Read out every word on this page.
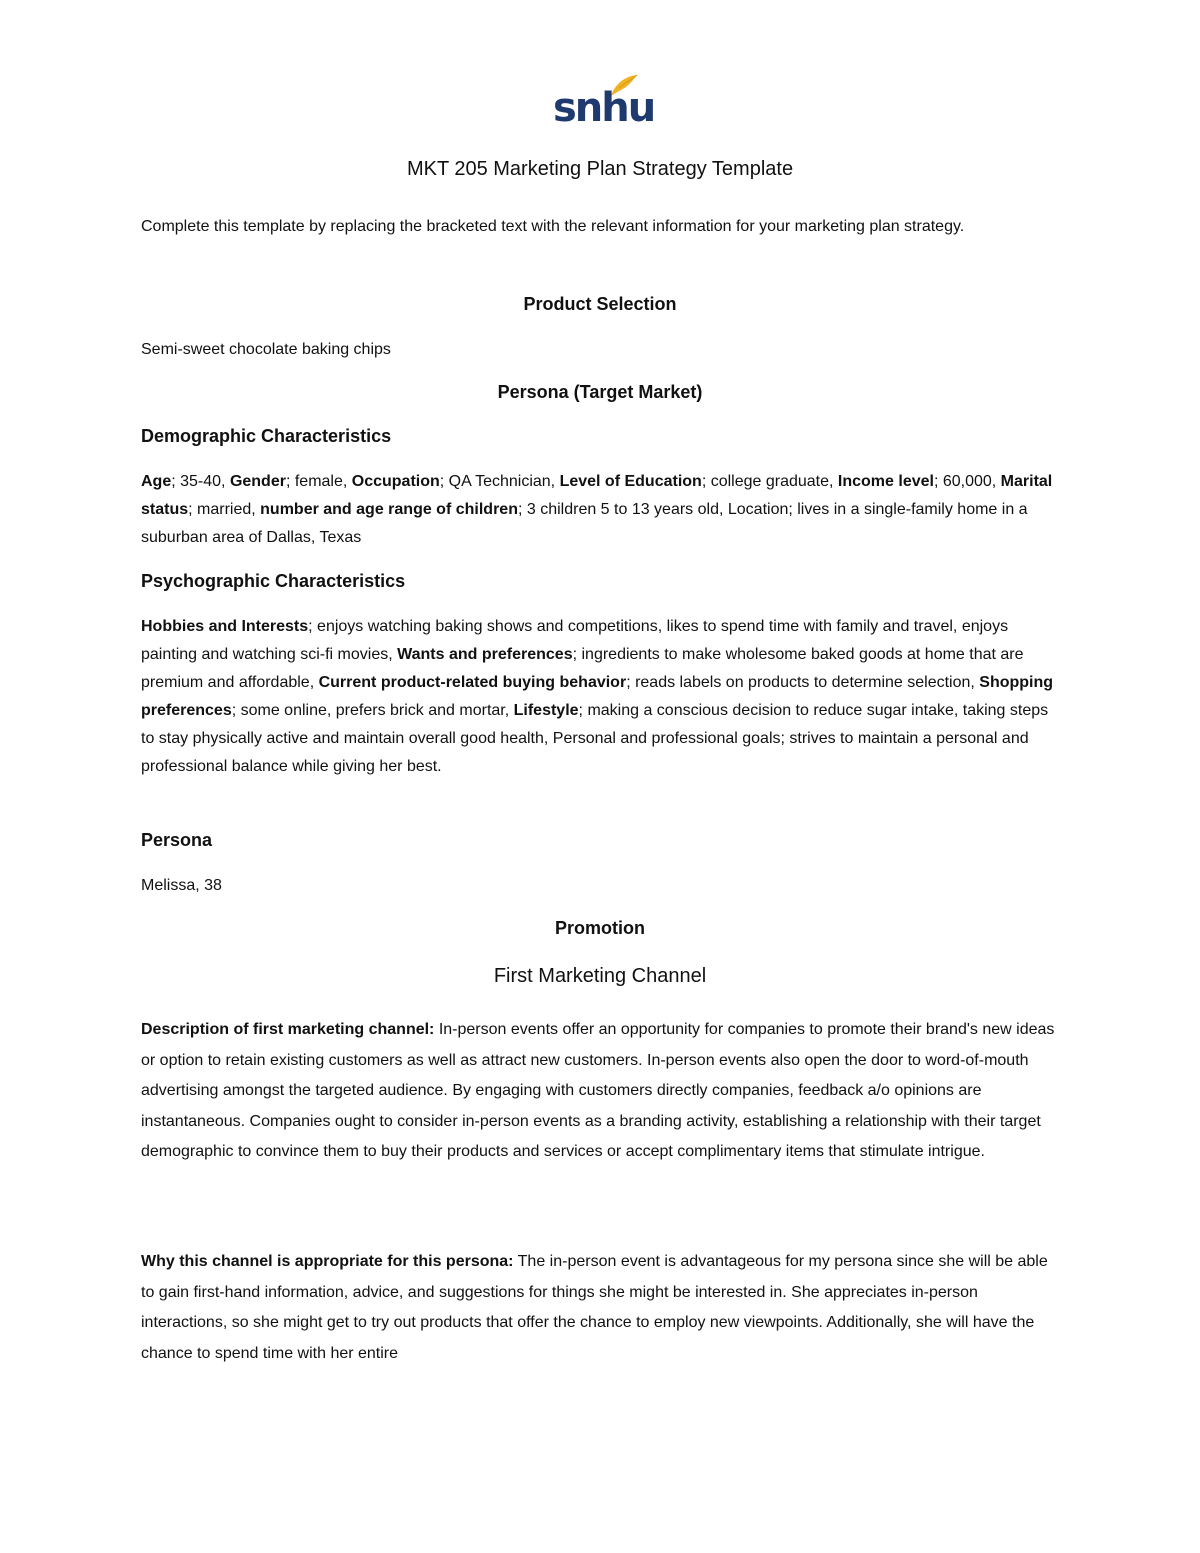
snhu
MKT 205 Marketing Plan Strategy Template

Complete this template by replacing the bracketed text with the relevant information for your marketing plan strategy.

Product Selection

Semi-sweet chocolate baking chips

Persona (Target Market)
Demographic Characteristics

Age; 35-40, Gender; female, Occupation; QA Technician, Level of Education; college graduate, Income level; 60,000, Marital status; married, number and age range of children; 3 children 5 to 13 years old, Location; lives in a single-family home in a suburban area of Dallas, Texas

Psychographic Characteristics

Hobbies and Interests; enjoys watching baking shows and competitions, likes to spend time with family and travel, enjoys painting and watching sci-fi movies, Wants and preferences; ingredients to make wholesome baked goods at home that are premium and affordable, Current product-related buying behavior; reads labels on products to determine selection, Shopping preferences; some online, prefers brick and mortar, Lifestyle; making a conscious decision to reduce sugar intake, taking steps to stay physically active and maintain overall good health, Personal and professional goals; strives to maintain a personal and professional balance while giving her best.

Persona

Melissa, 38

Promotion
First Marketing Channel

Description of first marketing channel: In-person events offer an opportunity for companies to promote their brand's new ideas or option to retain existing customers as well as attract new customers. In-person events also open the door to word-of-mouth advertising amongst the targeted audience. By engaging with customers directly companies, feedback a/o opinions are instantaneous. Companies ought to consider in-person events as a branding activity, establishing a relationship with their target demographic to convince them to buy their products and services or accept complimentary items that stimulate intrigue.

Why this channel is appropriate for this persona: The in-person event is advantageous for my persona since she will be able to gain first-hand information, advice, and suggestions for things she might be interested in. She appreciates in-person interactions, so she might get to try out products that offer the chance to employ new viewpoints. Additionally, she will have the chance to spend time with her entire
